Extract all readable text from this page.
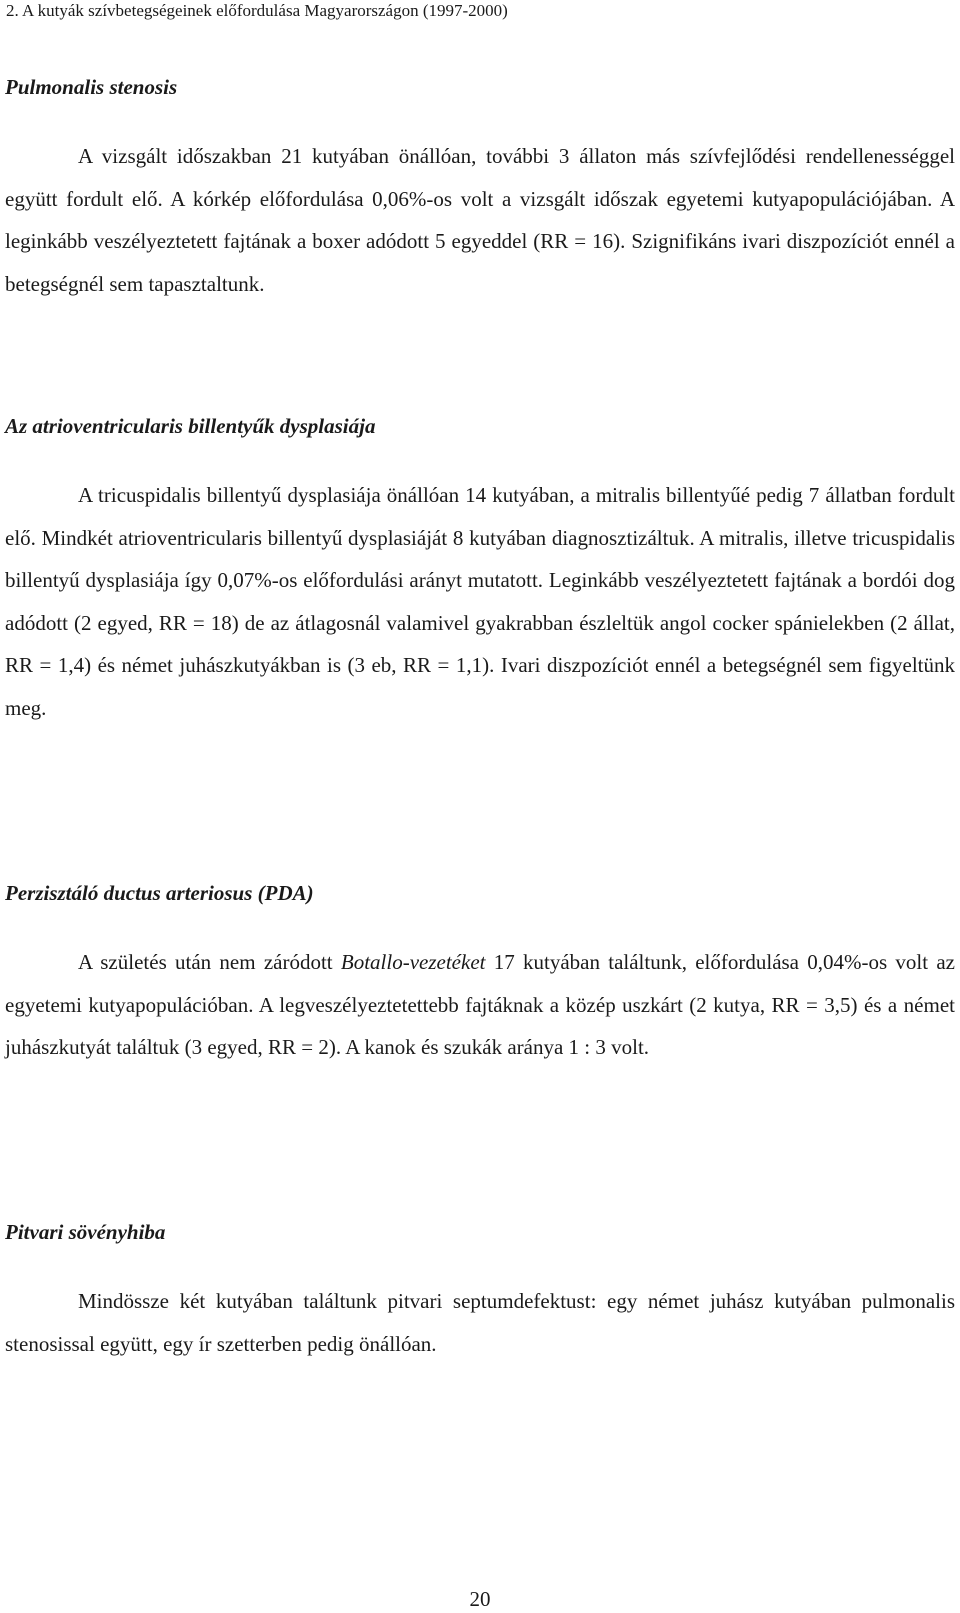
2. A kutyák szívbetegségeinek előfordulása Magyarországon (1997-2000)
Pulmonalis stenosis

A vizsgált időszakban 21 kutyában önállóan, további 3 állaton más szívfejlődési rendellenességgel együtt fordult elő. A kórkép előfordulása 0,06%-os volt a vizsgált időszak egyetemi kutyapopulációjában. A leginkább veszélyeztetett fajtának a boxer adódott 5 egyeddel (RR = 16). Szignifikáns ivari diszpozíciót ennél a betegségnél sem tapasztaltunk.

Az atrioventricularis billentyűk dysplasiája

A tricuspidalis billentyű dysplasiája önállóan 14 kutyában, a mitralis billentyűé pedig 7 állatban fordult elő. Mindkét atrioventricularis billentyű dysplasiáját 8 kutyában diagnosztizáltuk. A mitralis, illetve tricuspidalis billentyű dysplasiája így 0,07%-os előfordulási arányt mutatott. Leginkább veszélyeztetett fajtának a bordói dog adódott (2 egyed, RR = 18) de az átlagosnál valamivel gyakrabban észleltük angol cocker spánielekben (2 állat, RR = 1,4) és német juhászkutyákban is (3 eb, RR = 1,1). Ivari diszpozíciót ennél a betegségnél sem figyeltünk meg.

Perzisztáló ductus arteriosus (PDA)

A születés után nem záródott Botallo-vezetéket 17 kutyában találtunk, előfordulása 0,04%-os volt az egyetemi kutyapopulációban. A legveszélyeztetettebb fajtáknak a közép uszkárt (2 kutya, RR = 3,5) és a német juhászkutyát találtuk (3 egyed, RR = 2). A kanok és szukák aránya 1 : 3 volt.

Pitvari sövényhiba

Mindössze két kutyában találtunk pitvari septumdefektust: egy német juhász kutyában pulmonalis stenosissal együtt, egy ír szetterben pedig önállóan.

20
